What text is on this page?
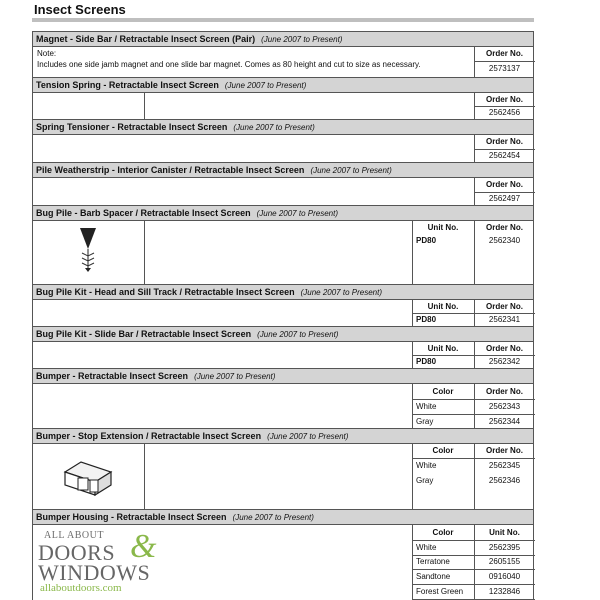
Insect Screens
Magnet - Side Bar / Retractable Insect Screen (Pair) (June 2007 to Present)
Note:
Includes one side jamb magnet and one slide bar magnet. Comes as 80 height and cut to size as necessary.
Order No.
2573137
Tension Spring - Retractable Insect Screen (June 2007 to Present)
Order No.
2562456
Spring Tensioner - Retractable Insect Screen (June 2007 to Present)
Order No.
2562454
Pile Weatherstrip - Interior Canister / Retractable Insect Screen (June 2007 to Present)
Order No.
2562497
Bug Pile - Barb Spacer / Retractable Insect Screen (June 2007 to Present)
Unit No.	Order No.
PD80	2562340
Bug Pile Kit - Head and Sill Track / Retractable Insect Screen (June 2007 to Present)
Unit No.	Order No.
PD80	2562341
Bug Pile Kit - Slide Bar / Retractable Insect Screen (June 2007 to Present)
Unit No.	Order No.
PD80	2562342
Bumper - Retractable Insect Screen (June 2007 to Present)
Color	Order No.
White	2562343
Gray	2562344
Bumper - Stop Extension / Retractable Insect Screen (June 2007 to Present)
Color	Order No.
White	2562345
Gray	2562346
Bumper Housing - Retractable Insect Screen (June 2007 to Present)
Color	Unit No.
White	2562395
Terratone	2605155
Sandtone	0916040
Forest Green	1232846
ALL ABOUT
DOORS &
WINDOWS
allaboutdoors.com
